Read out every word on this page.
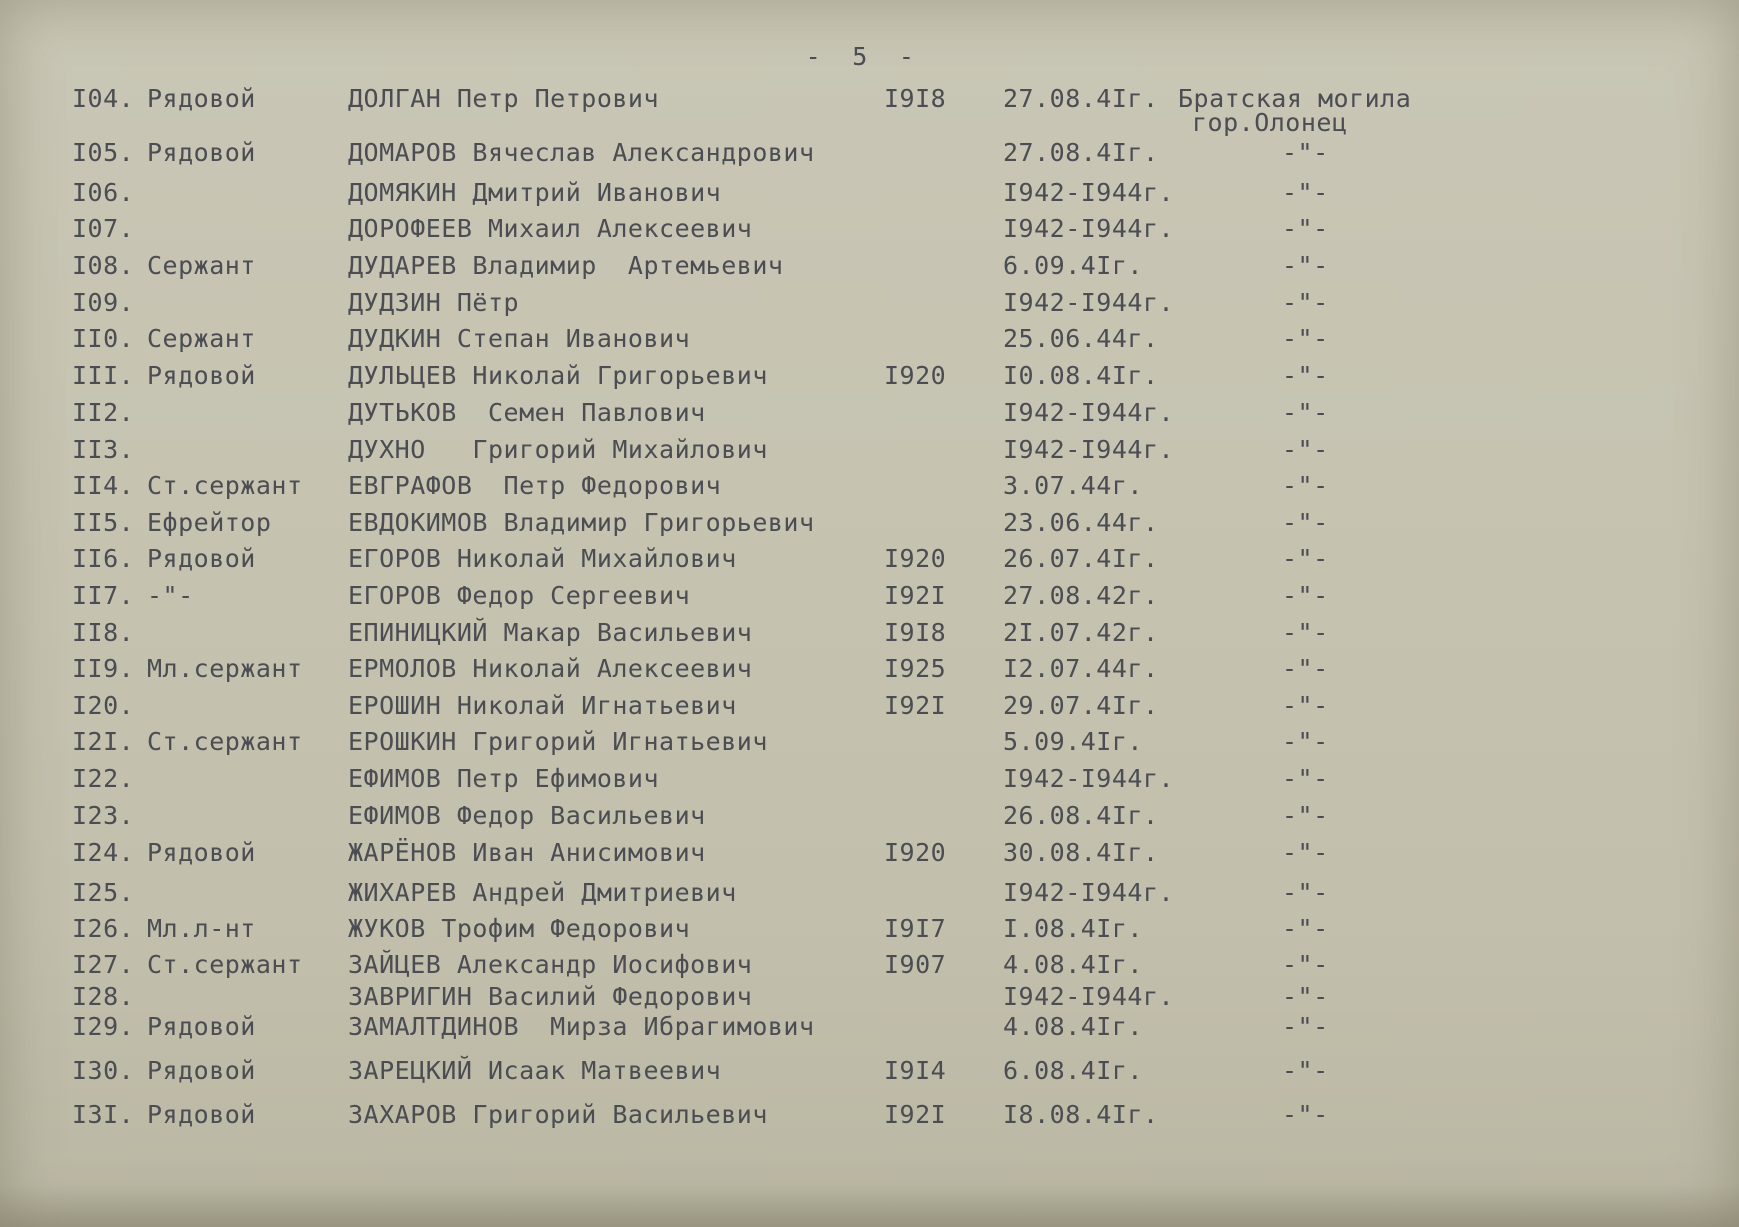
-  5  -
I04. Рядовой	ДОЛГАН Петр Петрович	I9I8 27.08.4Iг. Братская могила
гор.Олонец
I05. Рядовой	ДОМАРОВ Вячеслав Александрович	27.08.4Iг.	-"-
I06.	ДОМЯКИН Дмитрий Иванович	I942-I944г.	-"-
I07.	ДОРОФЕЕВ Михаил Алексеевич	I942-I944г.	-"-
I08. Сержант	ДУДАРЕВ Владимир  Артемьевич	6.09.4Iг.	-"-
I09.	ДУДЗИН Пётр	I942-I944г.	-"-
II0. Сержант	ДУДКИН Степан Иванович	25.06.44г.	-"-
III. Рядовой	ДУЛЬЦЕВ Николай Григорьевич	I920 I0.08.4Iг.	-"-
II2.	ДУТЬКОВ  Семен Павлович	I942-I944г.	-"-
II3.	ДУХНО   Григорий Михайлович	I942-I944г.	-"-
II4. Ст.сержант ЕВГРАФОВ  Петр Федорович	3.07.44г.	-"-
II5. Ефрейтор	ЕВДОКИМОВ Владимир Григорьевич	23.06.44г.	-"-
II6. Рядовой	ЕГОРОВ Николай Михайлович	I920 26.07.4Iг.	-"-
II7. -"-	ЕГОРОВ Федор Сергеевич	I92I 27.08.42г.	-"-
II8.	ЕПИНИЦКИЙ Макар Васильевич	I9I8 2I.07.42г.	-"-
II9. Мл.сержант ЕРМОЛОВ Николай Алексеевич	I925 I2.07.44г.	-"-
I20.	ЕРОШИН Николай Игнатьевич	I92I 29.07.4Iг.	-"-
I2I. Ст.сержант ЕРОШКИН Григорий Игнатьевич	5.09.4Iг.	-"-
I22.	ЕФИМОВ Петр Ефимович	I942-I944г.	-"-
I23.	ЕФИМОВ Федор Васильевич	26.08.4Iг.	-"-
I24. Рядовой	ЖАРЁНОВ Иван Анисимович	I920 30.08.4Iг.	-"-
I25.	ЖИХАРЕВ Андрей Дмитриевич	I942-I944г.	-"-
I26. Мл.л-нт	ЖУКОВ Трофим Федорович	I9I7 I.08.4Iг.	-"-
I27. Ст.сержант ЗАЙЦЕВ Александр Иосифович	I907 4.08.4Iг.	-"-
I28.	ЗАВРИГИН Василий Федорович	I942-I944г.	-"-
I29. Рядовой	ЗАМАЛТДИНОВ  Мирза Ибрагимович	4.08.4Iг.	-"-
I30. Рядовой	ЗАРЕЦКИЙ Исаак Матвеевич	I9I4 6.08.4Iг.	-"-
I3I. Рядовой	ЗАХАРОВ Григорий Васильевич	I92I I8.08.4Iг.	-"-
